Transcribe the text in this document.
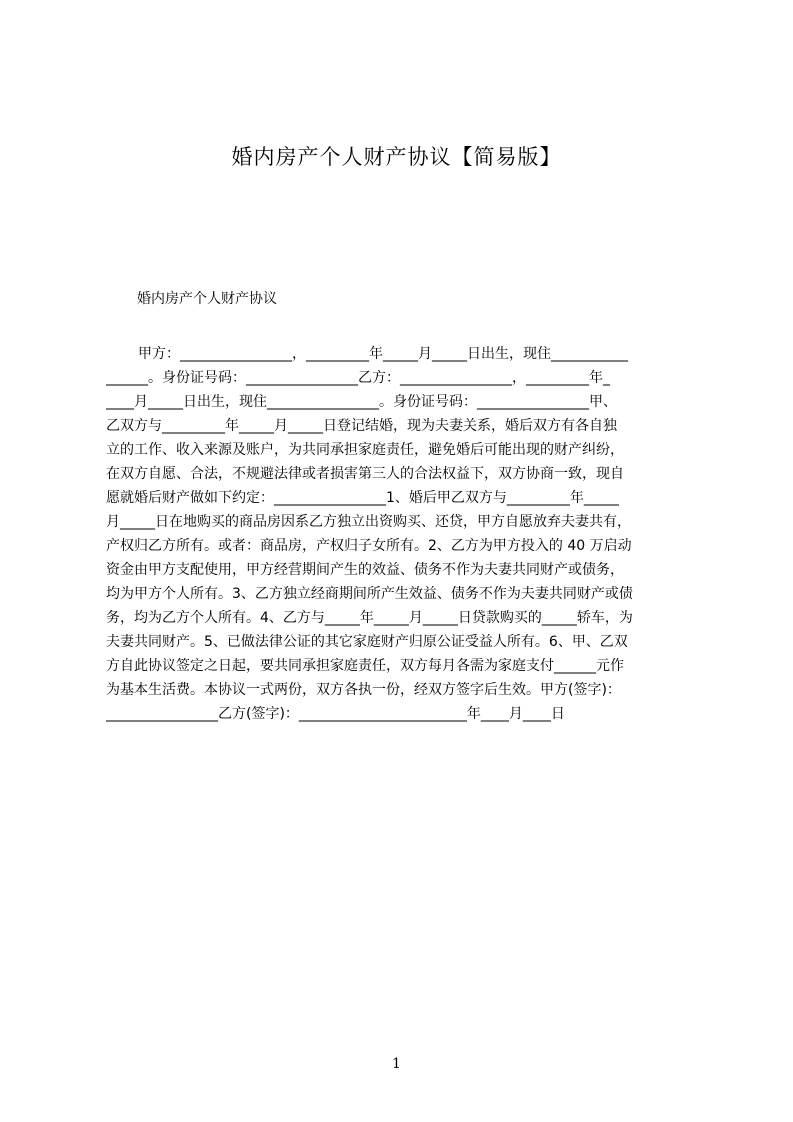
婚内房产个人财产协议【简易版】

婚内房产个人财产协议

甲方：________________，_________年_____月_____日出生，现住___________
______。身份证号码：________________乙方：________________，_________年_
____月_____日出生，现住________________。身份证号码：________________甲、
乙双方与_________年_____月_____日登记结婚，现为夫妻关系，婚后双方有各自独
立的工作、收入来源及账户，为共同承担家庭责任，避免婚后可能出现的财产纠纷，
在双方自愿、合法，不规避法律或者损害第三人的合法权益下，双方协商一致，现自
愿就婚后财产做如下约定：________________1、婚后甲乙双方与_________年_____
月_____日在地购买的商品房因系乙方独立出资购买、还贷，甲方自愿放弃夫妻共有，
产权归乙方所有。或者：商品房，产权归子女所有。2、乙方为甲方投入的 40 万启动
资金由甲方支配使用，甲方经营期间产生的效益、债务不作为夫妻共同财产或债务，
均为甲方个人所有。3、乙方独立经商期间所产生效益、债务不作为夫妻共同财产或债
务，均为乙方个人所有。4、乙方与_____年_____月_____日贷款购买的_____轿车，为
夫妻共同财产。5、已做法律公证的其它家庭财产归原公证受益人所有。6、甲、乙双
方自此协议签定之日起，要共同承担家庭责任，双方每月各需为家庭支付______元作
为基本生活费。本协议一式两份，双方各执一份，经双方签字后生效。甲方(签字)：
________________乙方(签字)：________________________年____月____日
1
